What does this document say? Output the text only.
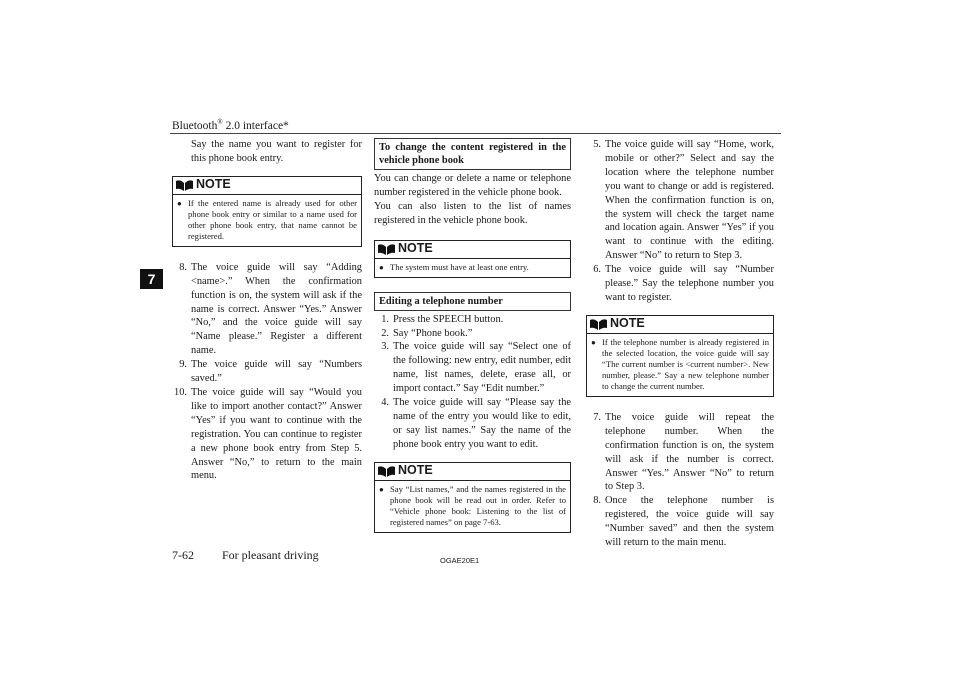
Bluetooth® 2.0 interface*
7

Say the name you want to register for this phone book entry.

NOTE
● If the entered name is already used for other phone book entry or similar to a name used for other phone book entry, that name cannot be registered.
8. The voice guide will say “Adding <name>.” When the confirmation function is on, the system will ask if the name is correct. Answer “Yes.” Answer “No,” and the voice guide will say “Name please.” Register a different name.
9. The voice guide will say “Numbers saved.”
10. The voice guide will say “Would you like to import another contact?” Answer “Yes” if you want to continue with the registration. You can continue to register a new phone book entry from Step 5. Answer “No,” to return to the main menu.
To change the content registered in the vehicle phone book

You can change or delete a name or telephone number registered in the vehicle phone book.

You can also listen to the list of names registered in the vehicle phone book.

NOTE
● The system must have at least one entry.
Editing a telephone number
1. Press the SPEECH button.
2. Say “Phone book.”
3. The voice guide will say “Select one of the following: new entry, edit number, edit name, list names, delete, erase all, or import contact.” Say “Edit number.”
4. The voice guide will say “Please say the name of the entry you would like to edit, or say list names.” Say the name of the phone book entry you want to edit.
NOTE
● Say “List names,” and the names registered in the phone book will be read out in order. Refer to “Vehicle phone book: Listening to the list of registered names” on page 7-63.
5. The voice guide will say “Home, work, mobile or other?” Select and say the location where the telephone number you want to change or add is registered. When the confirmation function is on, the system will check the target name and location again. Answer “Yes” if you want to continue with the editing. Answer “No” to return to Step 3.
6. The voice guide will say “Number please.” Say the telephone number you want to register.
NOTE
● If the telephone number is already registered in the selected location, the voice guide will say “The current number is <current number>. New number, please.” Say a new telephone number to change the current number.
7. The voice guide will repeat the telephone number. When the confirmation function is on, the system will ask if the number is correct. Answer “Yes.” Answer “No” to return to Step 3.
8. Once the telephone number is registered, the voice guide will say “Number saved” and then the system will return to the main menu.
7-62 For pleasant driving	OGAE20E1
